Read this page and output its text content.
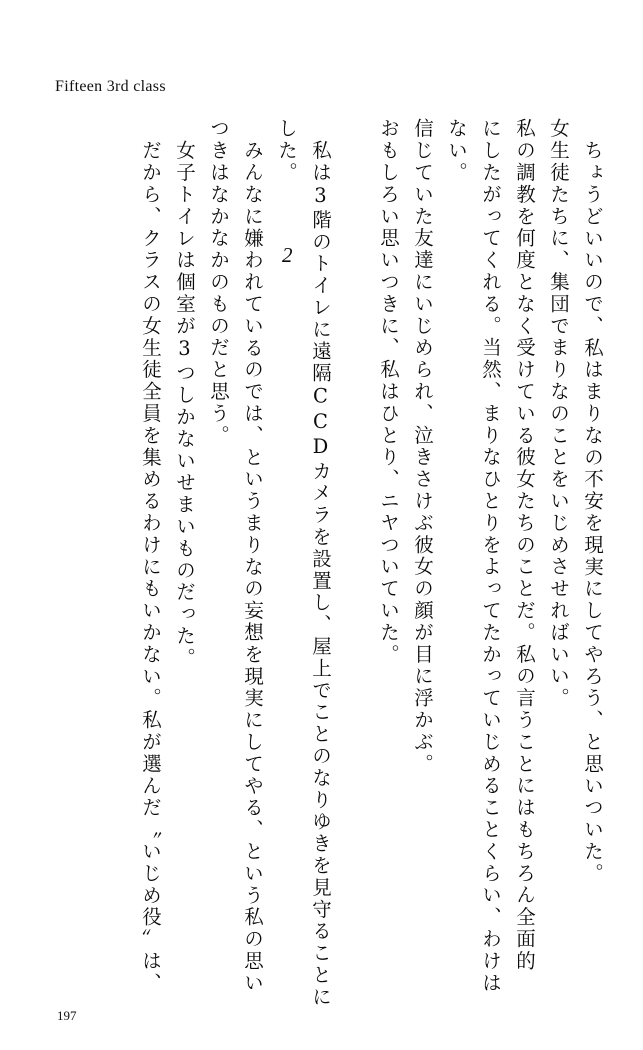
Fifteen 3rd class
2	ちょうどいいので、私はまりなの不安を現実にしてやろう、と思いついた。
女生徒たちに、集団でまりなのことをいじめさせればいい。
私の調教を何度となく受けている彼女たちのことだ。私の言うことにはもちろん全面的
にしたがってくれる。当然、まりなひとりをよってたかっていじめることくらい、わけは
ない。
信じていた友達にいじめられ、泣きさけぶ彼女の顔が目に浮かぶ。
おもしろい思いつきに、私はひとり、ニヤついていた。
私は3階のトイレに遠隔CCDカメラを設置し、屋上でことのなりゆきを見守ることに
した。
みんなに嫌われているのでは、というまりなの妄想を現実にしてやる、という私の思い
つきはなかなかのものだと思う。
女子トイレは個室が3つしかないせまいものだった。
だから、クラスの女生徒全員を集めるわけにもいかない。私が選んだ〝いじめ役〟は、
197
